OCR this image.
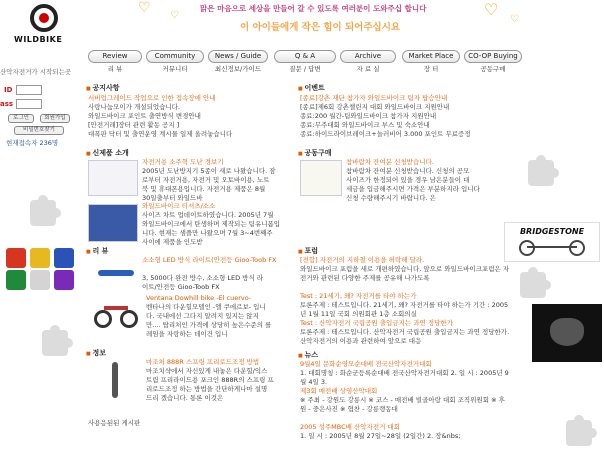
WILDBIKE
산악자전거가 시작되는곳
♡ ♡
맑은 마음으로 세상을 만들어 갈 수 있도록 여러분이 도와주십 합니다
이 아이들에게 작은 힘이 되어주십시요
♡
♡
Review	Community	News / Guide	Q & A	Archive	Market Place	CO-OP Buying
리 뷰	커뮤니티	최신정보/가이드	질문 / 답변	자 료 실	장 터	공동구매
ID
ass
로그인	회원가입
비밀번호찾기
현재접속자 236명
■ 공지사항
서버업그레이드 작업으로 인한 접속장애 안내
사랑나눔모이가 개설되었습니다.
와일드바이크 포인트 출연방식 변경안내
[안전거래]장터 관련 활동 공지 ]
대폭판 닥터 및 출연운영 계시물 일제 올려놓습니다
■ 이벤트
[종료]강촌 재단 참가자 와일드바이크 팀자 탑승안내
[종료]제6회 강촌챌린지 대회 와일드바이크 지원안내
종료:200 월간-팀와일드바이크 참가자 지원안내
종료:무주대회 와일드바이크 부스 및 숙소안내
종료:하이드라이브레이크+놀러비어 3.000 포인트 무료증정
■ 신제품 소개
자전거용 소주혁 도난 경보기
2005년 도난방지기 5종이 새로 나왔습니다. 잠
로부터 자전거용, 자전거 및 오토바이용, 노트
북 및 휴대폰용입니다. 자전거용 제품은 8월
30일출부터 와일드바
와일드바이크 티셔츠/소소
사이즈 차트 업데이트하였습니다. 2005년 7월
와일드바이크에서 탄생하며 제작되는 팀유니폼입
니다. 현재는 샘플만 나왔으며 7월 3~4번째주
사이에 제품을 인도받
■ 공동구매
참바람차 잔여분 신청받습니다.
참바람차 잔여분 신청받습니다. 신청의 공모
사이즈가 한정되어 있을 경우 남은분들이 대
세금을 입금해주시면 가격은 부분하지라 입니다
신청 수량해주시기 바랍니다. 은
BRIDGESTONE
■ 리 뷰
소소형 LED 방식 라이트(안전등 Gioo-Toob FX
3, 5000다 완전 방수, 소소형 LED 방식 라
이트/안전등 Gioo-Toob FX
Ventana Dowhill bike -El cuervo-
벤타나의 다운힐모델인 -엘 쿠에르보- 입니
다. 국내에선 그다지 알려지 있지는 않지
만.... 탑리처인 가격에 상당히 높은수준의 를
레임을 자랑하는 데이건 입니
■ 포럼
[전합] 자전거의 지하철 이용을 허락해 달라.
와일드바이크 포럼을 새로 개편하였습니다. 앞으로 와일드바이크포럼은 자전거와 관련된 다양한 주제를 공유해 나가도록
Test : 21세기, 왜? 자전거를 타야 하는가
토론주제 : 테스트입니다. 21세기, 왜? 자전거를 타야 하는가 기간 : 2005년 1월 11일 국회 의원회관 1층 소회의실
Test : 산악자전거 국립공원 출입금지는 과연 정당한가
토론주제 : 테스트입니다. 산악자전거 국립공원 출입금지는 과연 정당한가. 산악자전거의 이용과 관련하여 앞으로 대응
■ 정보
마조처 888R 스프링 프리로드조정 방법
마조치샥에서 자신있게 내놓은 다운힐/익스
트림 프리라이드용 포크인 888R의 스프링 프
리로드조정 하는 방법을 간단하게나마 설명
드리 겠습니다. 통론 이것은
사용응된된 게시판
■ 뉴스
9월4일 문화순영모순대배 전국산악자전거대회
1. 대회명칭 : 화순군등록순대배 전국산악자전거대회 2. 일 시 : 2005년 9월 4일 3.
제3회 매전배 상영산악대회
※ 주최 - 강원도 강릉시 ※ 코스 - 매전배 빌골아랑 대회 조직위원회 ※ 후원 - 중은사진 ※ 협찬 - 강릉랭동대
2005 성주MBC배 산악자전거 대회
1. 일 시 : 2005년 8월 27일~28일 (2일간) 2. 장&nbs;
